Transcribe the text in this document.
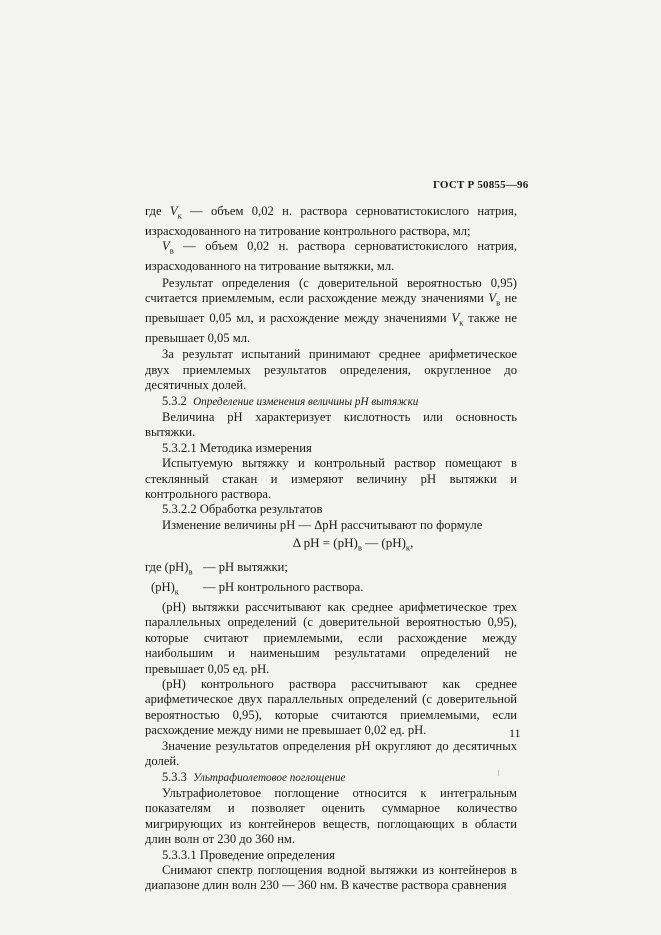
ГОСТ Р 50855—96

где $V_к$ — объем 0,02 н. раствора серноватистокислого натрия, израсходованного на титрование контрольного раствора, мл;

$V_в$ — объем 0,02 н. раствора серноватистокислого натрия, израсходованного на титрование вытяжки, мл.

Результат определения (с доверительной вероятностью 0,95) считается приемлемым, если расхождение между значениями $V_в$ не превышает 0,05 мл, и расхождение между значениями $V_к$ также не превышает 0,05 мл.

За результат испытаний принимают среднее арифметическое двух приемлемых результатов определения, округленное до десятичных долей.

5.3.2 Определение изменения величины рН вытяжки

Величина рН характеризует кислотность или основность вытяжки.

5.3.2.1 Методика измерения

Испытуемую вытяжку и контрольный раствор помещают в стеклянный стакан и измеряют величину рН вытяжки и контрольного раствора.

5.3.2.2 Обработка результатов

Изменение величины рН — ΔрН рассчитывают по формуле

Δ рН = $(рН)_в$ — $(рН)_к$,

где $(рН)_в$ — рН вытяжки;

$(рН)_к$	— рН контрольного раствора.

(рН) вытяжки рассчитывают как среднее арифметическое трех параллельных определений (с доверительной вероятностью 0,95), которые считают приемлемыми, если расхождение между наибольшим и наименьшим результатами определений не превышает 0,05 ед. рН.

(рН) контрольного раствора рассчитывают как среднее арифметическое двух параллельных определений (с доверительной вероятностью 0,95), которые считаются приемлемыми, если расхождение между ними не превышает 0,02 ед. рН.

Значение результатов определения рН округляют до десятичных долей.

5.3.3 Ультрафиолетовое поглощение

Ультрафиолетовое поглощение относится к интегральным показателям и позволяет оценить суммарное количество мигрирующих из контейнеров веществ, поглощающих в области длин волн от 230 до 360 нм.

5.3.3.1 Проведение определения

Снимают спектр поглощения водной вытяжки из контейнеров в диапазоне длин волн 230 — 360 нм. В качестве раствора сравнения

11
